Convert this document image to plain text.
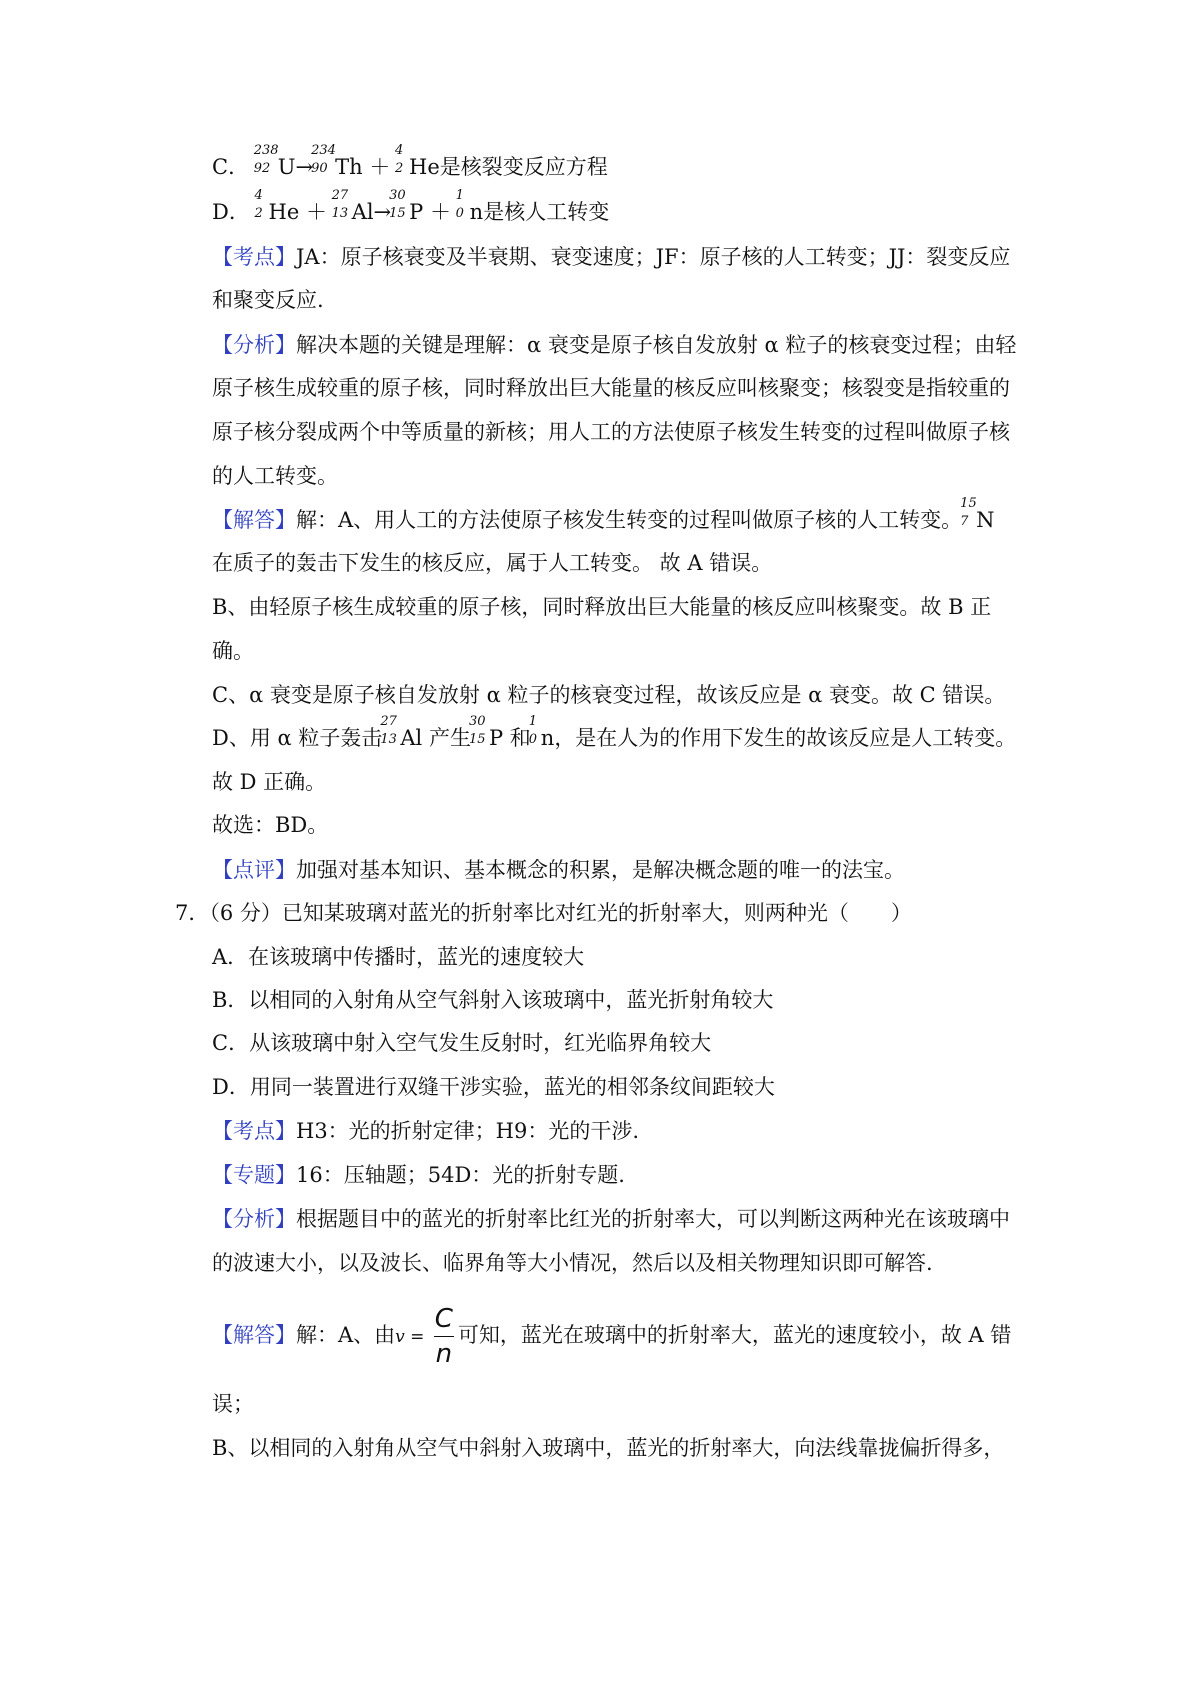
C．
238
92 U→
234
90 Th ＋
4
2 He是核裂变反应方程
D．
4
2 He ＋
27
13 Al→
30
15 P ＋
1
0 n是核人工转变
【考点】JA：原子核衰变及半衰期、衰变速度；JF：原子核的人工转变；JJ：裂变反应
和聚变反应.
【分析】解决本题的关键是理解：α 衰变是原子核自发放射 α 粒子的核衰变过程；由轻
原子核生成较重的原子核，同时释放出巨大能量的核反应叫核聚变；核裂变是指较重的
原子核分裂成两个中等质量的新核；用人工的方法使原子核发生转变的过程叫做原子核
的人工转变。
【解答】解：A、用人工的方法使原子核发生转变的过程叫做原子核的人工转变。
15
7 N
在质子的轰击下发生的核反应，属于人工转变。 故 A 错误。
B、由轻原子核生成较重的原子核，同时释放出巨大能量的核反应叫核聚变。故 B 正
确。
C、α 衰变是原子核自发放射 α 粒子的核衰变过程，故该反应是 α 衰变。故 C 错误。
D、用 α 粒子轰击
27
13 Al 产生
30
15 P 和
1
0 n，是在人为的作用下发生的故该反应是人工转变。
故 D 正确。
故选：BD。
【点评】加强对基本知识、基本概念的积累，是解决概念题的唯一的法宝。
7．（6 分）已知某玻璃对蓝光的折射率比对红光的折射率大，则两种光（　　）
A．在该玻璃中传播时，蓝光的速度较大
B．以相同的入射角从空气斜射入该玻璃中，蓝光折射角较大
C．从该玻璃中射入空气发生反射时，红光临界角较大
D．用同一装置进行双缝干涉实验，蓝光的相邻条纹间距较大
【考点】H3：光的折射定律；H9：光的干涉.
【专题】16：压轴题；54D：光的折射专题.
【分析】根据题目中的蓝光的折射率比红光的折射率大，可以判断这两种光在该玻璃中
的波速大小，以及波长、临界角等大小情况，然后以及相关物理知识即可解答.
【解答】解：A、由$v = \frac{C}{n}$ 可知，蓝光在玻璃中的折射率大，蓝光的速度较小，故 A 错
误；
B、以相同的入射角从空气中斜射入玻璃中，蓝光的折射率大，向法线靠拢偏折得多，
